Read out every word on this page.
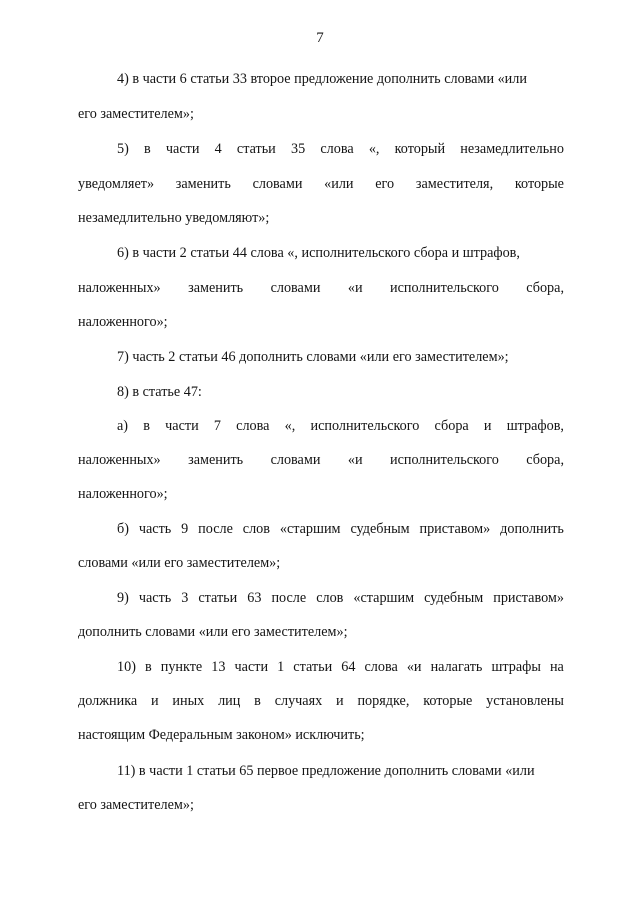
7
4) в части 6 статьи 33 второе предложение дополнить словами «или
его заместителем»;
5) в части 4 статьи 35 слова «, который незамедлительно
уведомляет» заменить словами «или его заместителя, которые
незамедлительно уведомляют»;
6) в части 2 статьи 44 слова «, исполнительского сбора и штрафов,
наложенных» заменить словами «и исполнительского сбора,
наложенного»;
7) часть 2 статьи 46 дополнить словами «или его заместителем»;
8) в статье 47:
а) в части 7 слова «, исполнительского сбора и штрафов,
наложенных» заменить словами «и исполнительского сбора,
наложенного»;
б) часть 9 после слов «старшим судебным приставом» дополнить
словами «или его заместителем»;
9) часть 3 статьи 63 после слов «старшим судебным приставом»
дополнить словами «или его заместителем»;
10) в пункте 13 части 1 статьи 64 слова «и налагать штрафы на
должника и иных лиц в случаях и порядке, которые установлены
настоящим Федеральным законом» исключить;
11) в части 1 статьи 65 первое предложение дополнить словами «или
его заместителем»;
